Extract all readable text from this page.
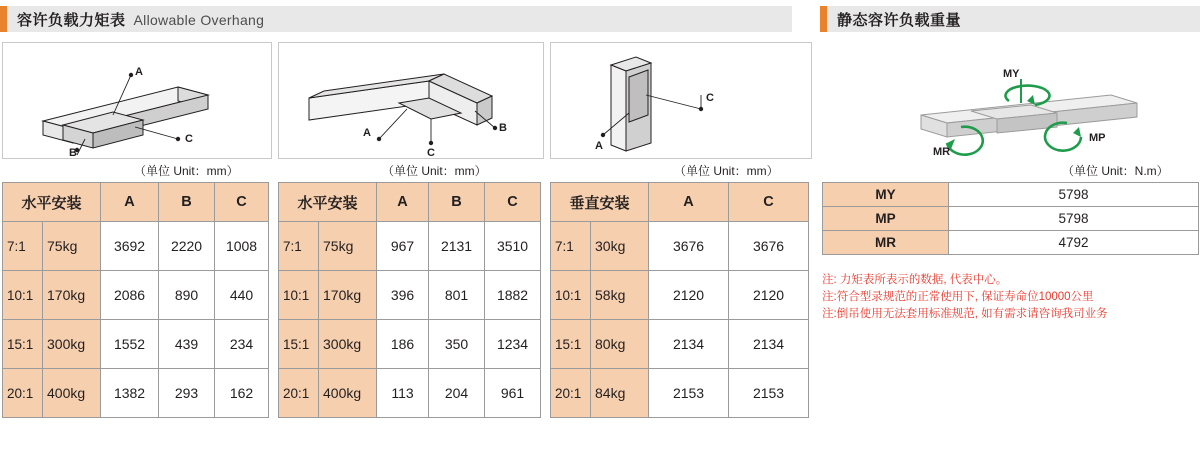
容许负载力矩表 Allowable Overhang	静态容许负载重量
A
B
C
（单位 Unit：mm）
A	B
C
（单位 Unit：mm）
A
C
（单位 Unit：mm）
MY
MP
MR
（单位 Unit：N.m）
水平安装		A	B	C
7:1	75kg	3692	2220	1008
10:1	170kg	2086	890	440
15:1	300kg	1552	439	234
20:1	400kg	1382	293	162
水平安装		A	B	C
7:1	75kg	967	2131	3510
10:1	170kg	396	801	1882
15:1	300kg	186	350	1234
20:1	400kg	113	204	961
垂直安装		A	C
7:1	30kg	3676	3676
10:1	58kg	2120	2120
15:1	80kg	2134	2134
20:1	84kg	2153	2153
MY	5798
MP	5798
MR	4792
注: 力矩表所表示的数据, 代表中心。
注:符合型录规范的正常使用下, 保证寿命位10000公里
注:倒吊使用无法套用标准规范, 如有需求请咨询我司业务
